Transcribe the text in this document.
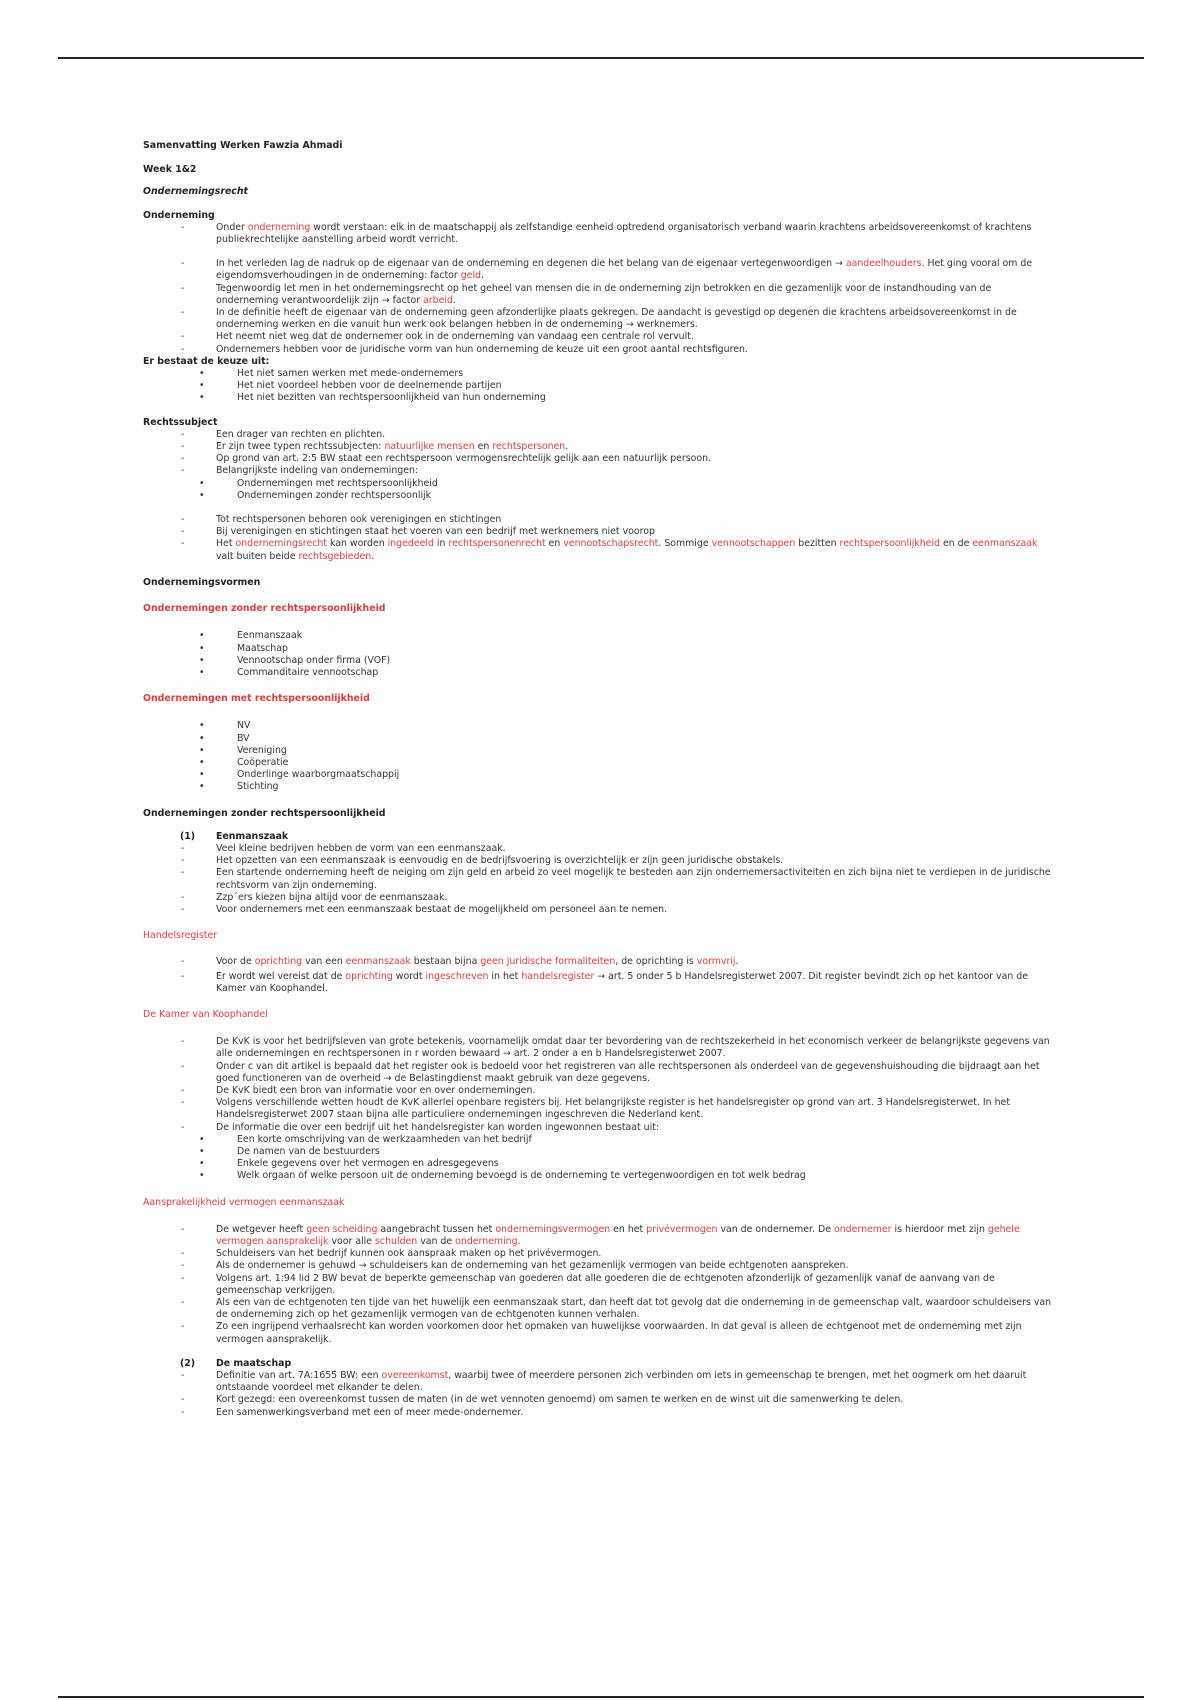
Samenvatting Werken Fawzia Ahmadi

Week 1&2

Ondernemingsrecht

Onderneming

- Onder onderneming wordt verstaan: elk in de maatschappij als zelfstandige eenheid optredend organisatorisch verband waarin krachtens arbeidsovereenkomst of krachtens publiekrechtelijke aanstelling arbeid wordt verricht.
- In het verleden lag de nadruk op de eigenaar van de onderneming en degenen die het belang van de eigenaar vertegenwoordigen → aandeelhouders. Het ging vooral om de eigendomsverhoudingen in de onderneming: factor geld.
- Tegenwoordig let men in het ondernemingsrecht op het geheel van mensen die in de onderneming zijn betrokken en die gezamenlijk voor de instandhouding van de onderneming verantwoordelijk zijn → factor arbeid.
- In de definitie heeft de eigenaar van de onderneming geen afzonderlijke plaats gekregen. De aandacht is gevestigd op degenen die krachtens arbeidsovereenkomst in de onderneming werken en die vanuit hun werk ook belangen hebben in de onderneming → werknemers.
- Het neemt niet weg dat de ondernemer ook in de onderneming van vandaag een centrale rol vervult.
- Ondernemers hebben voor de juridische vorm van hun onderneming de keuze uit een groot aantal rechtsfiguren.

Er bestaat de keuze uit:

• Het niet samen werken met mede-ondernemers
• Het niet voordeel hebben voor de deelnemende partijen
• Het niet bezitten van rechtspersoonlijkheid van hun onderneming

Rechtssubject

- Een drager van rechten en plichten.
- Er zijn twee typen rechtssubjecten: natuurlijke mensen en rechtspersonen.
- Op grond van art. 2:5 BW staat een rechtspersoon vermogensrechtelijk gelijk aan een natuurlijk persoon.
- Belangrijkste indeling van ondernemingen:
• Ondernemingen met rechtspersoonlijkheid
• Ondernemingen zonder rechtspersoonlijk
- Tot rechtspersonen behoren ook verenigingen en stichtingen
- Bij verenigingen en stichtingen staat het voeren van een bedrijf met werknemers niet voorop
- Het ondernemingsrecht kan worden ingedeeld in rechtspersonenrecht en vennootschapsrecht. Sommige vennootschappen bezitten rechtspersoonlijkheid en de eenmanszaak valt buiten beide rechtsgebieden.

Ondernemingsvormen

Ondernemingen zonder rechtspersoonlijkheid

• Eenmanszaak
• Maatschap
• Vennootschap onder firma (VOF)
• Commanditaire vennootschap

Ondernemingen met rechtspersoonlijkheid

• NV
• BV
• Vereniging
• Coöperatie
• Onderlinge waarborgmaatschappij
• Stichting

Ondernemingen zonder rechtspersoonlijkheid

(1) Eenmanszaak
- Veel kleine bedrijven hebben de vorm van een eenmanszaak.
- Het opzetten van een eenmanszaak is eenvoudig en de bedrijfsvoering is overzichtelijk er zijn geen juridische obstakels.
- Een startende onderneming heeft de neiging om zijn geld en arbeid zo veel mogelijk te besteden aan zijn ondernemersactiviteiten en zich bijna niet te verdiepen in de juridische rechtsvorm van zijn onderneming.
- Zzp´ers kiezen bijna altijd voor de eenmanszaak.
- Voor ondernemers met een eenmanszaak bestaat de mogelijkheid om personeel aan te nemen.

Handelsregister

- Voor de oprichting van een eenmanszaak bestaan bijna geen juridische formaliteiten, de oprichting is vormvrij.
- Er wordt wel vereist dat de oprichting wordt ingeschreven in het handelsregister → art. 5 onder 5 b Handelsregisterwet 2007. Dit register bevindt zich op het kantoor van de Kamer van Koophandel.

De Kamer van Koophandel

- De KvK is voor het bedrijfsleven van grote betekenis, voornamelijk omdat daar ter bevordering van de rechtszekerheid in het economisch verkeer de belangrijkste gegevens van alle ondernemingen en rechtspersonen in r worden bewaard → art. 2 onder a en b Handelsregisterwet 2007.
- Onder c van dit artikel is bepaald dat het register ook is bedoeld voor het registreren van alle rechtspersonen als onderdeel van de gegevenshuishouding die bijdraagt aan het goed functioneren van de overheid → de Belastingdienst maakt gebruik van deze gegevens.
- De KvK biedt een bron van informatie voor en over ondernemingen.
- Volgens verschillende wetten houdt de KvK allerlei openbare registers bij. Het belangrijkste register is het handelsregister op grond van art. 3 Handelsregisterwet. In het Handelsregisterwet 2007 staan bijna alle particuliere ondernemingen ingeschreven die Nederland kent.
- De informatie die over een bedrijf uit het handelsregister kan worden ingewonnen bestaat uit:
• Een korte omschrijving van de werkzaamheden van het bedrijf
• De namen van de bestuurders
• Enkele gegevens over het vermogen en adresgegevens
• Welk orgaan of welke persoon uit de onderneming bevoegd is de onderneming te vertegenwoordigen en tot welk bedrag

Aansprakelijkheid vermogen eenmanszaak

- De wetgever heeft geen scheiding aangebracht tussen het ondernemingsvermogen en het privévermogen van de ondernemer. De ondernemer is hierdoor met zijn gehele vermogen aansprakelijk voor alle schulden van de onderneming.
- Schuldeisers van het bedrijf kunnen ook aanspraak maken op het privévermogen.
- Als de ondernemer is gehuwd → schuldeisers kan de onderneming van het gezamenlijk vermogen van beide echtgenoten aanspreken.
- Volgens art. 1:94 lid 2 BW bevat de beperkte gemeenschap van goederen dat alle goederen die de echtgenoten afzonderlijk of gezamenlijk vanaf de aanvang van de gemeenschap verkrijgen.
- Als een van de echtgenoten ten tijde van het huwelijk een eenmanszaak start, dan heeft dat tot gevolg dat die onderneming in de gemeenschap valt, waardoor schuldeisers van de onderneming zich op het gezamenlijk vermogen van de echtgenoten kunnen verhalen.
- Zo een ingrijpend verhaalsrecht kan worden voorkomen door het opmaken van huwelijkse voorwaarden. In dat geval is alleen de echtgenoot met de onderneming met zijn vermogen aansprakelijk.
(2) De maatschap
- Definitie van art. 7A:1655 BW: een overeenkomst, waarbij twee of meerdere personen zich verbinden om iets in gemeenschap te brengen, met het oogmerk om het daaruit ontstaande voordeel met elkander te delen.
- Kort gezegd: een overeenkomst tussen de maten (in de wet vennoten genoemd) om samen te werken en de winst uit die samenwerking te delen.
- Een samenwerkingsverband met een of meer mede-ondernemer.
